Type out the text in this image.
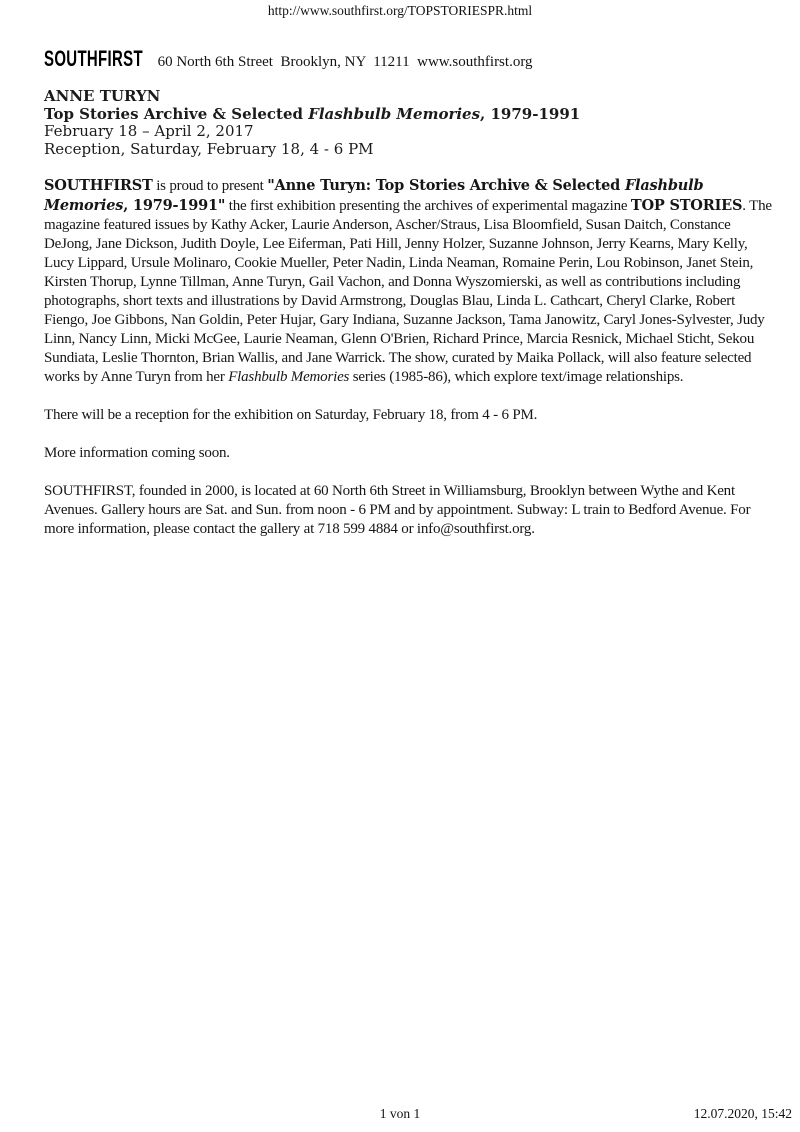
http://www.southfirst.org/TOPSTORIESPR.html
SOUTHFIRST 60 North 6th Street  Brooklyn, NY  11211  www.southfirst.org
ANNE TURYN
Top Stories Archive & Selected Flashbulb Memories, 1979-1991
February 18 – April 2, 2017
Reception, Saturday, February 18, 4 - 6 PM

SOUTHFIRST is proud to present "Anne Turyn: Top Stories Archive & Selected Flashbulb Memories, 1979-1991" the first exhibition presenting the archives of experimental magazine TOP STORIES. The magazine featured issues by Kathy Acker, Laurie Anderson, Ascher/Straus, Lisa Bloomfield, Susan Daitch, Constance DeJong, Jane Dickson, Judith Doyle, Lee Eiferman, Pati Hill, Jenny Holzer, Suzanne Johnson, Jerry Kearns, Mary Kelly, Lucy Lippard, Ursule Molinaro, Cookie Mueller, Peter Nadin, Linda Neaman, Romaine Perin, Lou Robinson, Janet Stein, Kirsten Thorup, Lynne Tillman, Anne Turyn, Gail Vachon, and Donna Wyszomierski, as well as contributions including photographs, short texts and illustrations by David Armstrong, Douglas Blau, Linda L. Cathcart, Cheryl Clarke, Robert Fiengo, Joe Gibbons, Nan Goldin, Peter Hujar, Gary Indiana, Suzanne Jackson, Tama Janowitz, Caryl Jones-Sylvester, Judy Linn, Nancy Linn, Micki McGee, Laurie Neaman, Glenn O'Brien, Richard Prince, Marcia Resnick, Michael Sticht, Sekou Sundiata, Leslie Thornton, Brian Wallis, and Jane Warrick. The show, curated by Maika Pollack, will also feature selected works by Anne Turyn from her Flashbulb Memories series (1985-86), which explore text/image relationships.

There will be a reception for the exhibition on Saturday, February 18, from 4 - 6 PM.

More information coming soon.

SOUTHFIRST, founded in 2000, is located at 60 North 6th Street in Williamsburg, Brooklyn between Wythe and Kent Avenues. Gallery hours are Sat. and Sun. from noon - 6 PM and by appointment. Subway: L train to Bedford Avenue. For more information, please contact the gallery at 718 599 4884 or info@southfirst.org.

1 von 1	12.07.2020, 15:42
